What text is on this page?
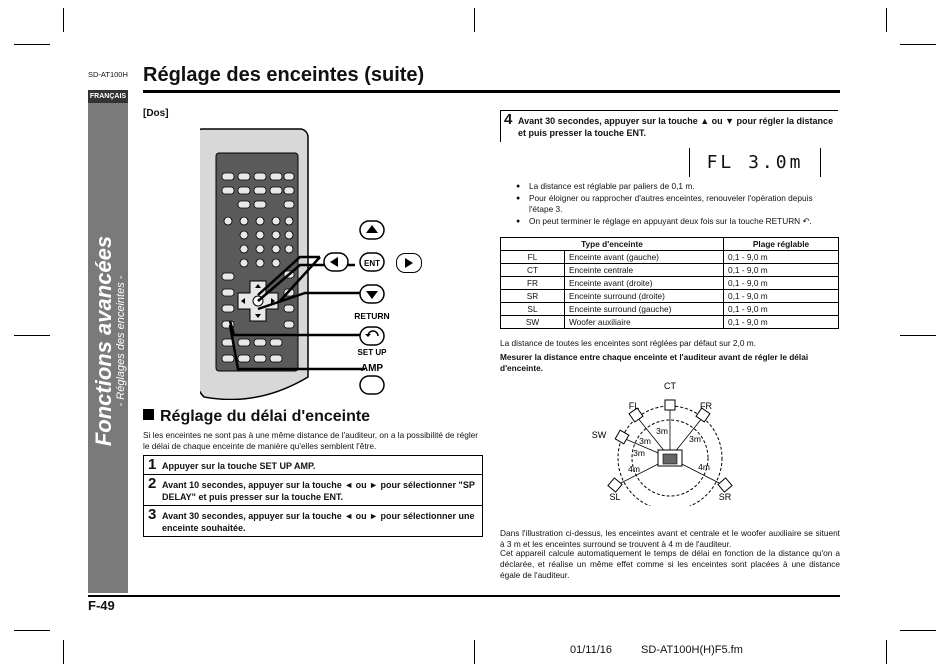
SD-AT100H Réglage des enceintes (suite)
FRANÇAIS
Fonctions avancées - Réglages des enceintes -
[Dos]
ENT
RETURN
SET UP
AMP
Réglage du délai d'enceinte
Si les enceintes ne sont pas à une même distance de l'auditeur, on a la possibilité de régler le délai de chaque enceinte de manière qu'elles semblent l'être.
1 Appuyer sur la touche SET UP AMP.
2 Avant 10 secondes, appuyer sur la touche ◄ ou ► pour sélectionner "SP DELAY" et puis presser sur la touche ENT.
3 Avant 30 secondes, appuyer sur la touche ◄ ou ► pour sélectionner une enceinte souhaitée.
4 Avant 30 secondes, appuyer sur la touche ▲ ou ▼ pour régler la distance et puis presser la touche ENT.
FL 3.0m
● La distance est réglable par paliers de 0,1 m.
● Pour éloigner ou rapprocher d'autres enceintes, renouveler l'opération depuis l'étape 3.
● On peut terminer le réglage en appuyant deux fois sur la touche RETURN ↶.
Type d'enceinte		Plage réglable
FL	Enceinte avant (gauche)	0,1 - 9,0 m
CT	Enceinte centrale	0,1 - 9,0 m
FR	Enceinte avant (droite)	0,1 - 9,0 m
SR	Enceinte surround (droite)	0,1 - 9,0 m
SL	Enceinte surround (gauche)	0,1 - 9,0 m
SW	Woofer auxiliaire	0,1 - 9,0 m
La distance de toutes les enceintes sont réglées par défaut sur 2,0 m.
Mesurer la distance entre chaque enceinte et l'auditeur avant de régler le délai d'enceinte.
CT
FL	FR
SW
SL	SR
3m
3m	3m
3m
4m	4m
Dans l'illustration ci-dessus, les enceintes avant et centrale et le woofer auxiliaire se situent à 3 m et les enceintes surround se trouvent à 4 m de l'auditeur.
Cet appareil calcule automatiquement le temps de délai en fonction de la distance qu'on a déclarée, et réalise un même effet comme si les enceintes sont placées à une distance égale de l'auditeur.
F-49
01/11/16	SD-AT100H(H)F5.fm
